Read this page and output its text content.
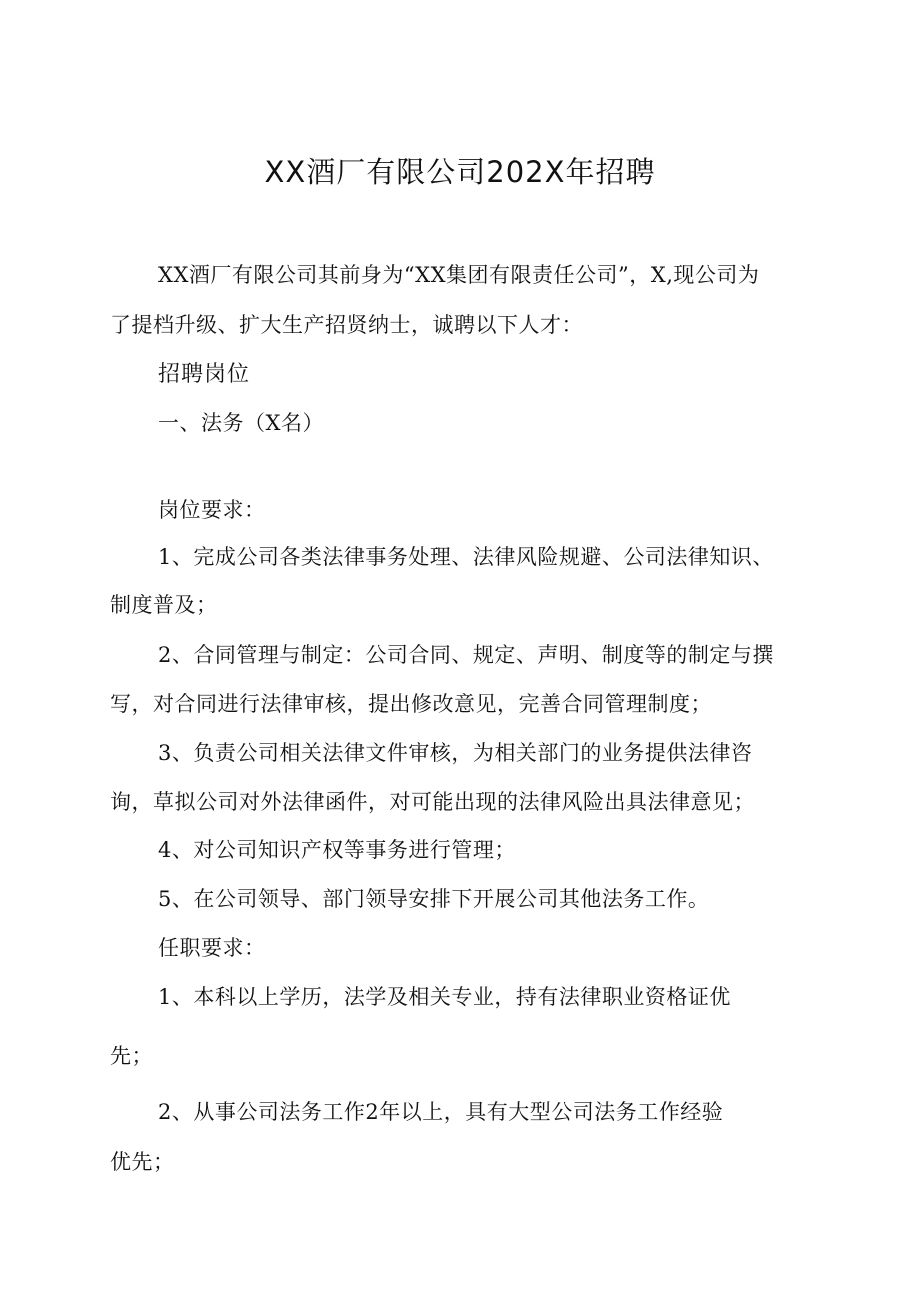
XX酒厂有限公司202X年招聘
XX酒厂有限公司其前身为“XX集团有限责任公司”，X,现公司为
了提档升级、扩大生产招贤纳士，诚聘以下人才：
招聘岗位
一、法务（X名）
岗位要求：
1、完成公司各类法律事务处理、法律风险规避、公司法律知识、
制度普及；
2、合同管理与制定：公司合同、规定、声明、制度等的制定与撰
写，对合同进行法律审核，提出修改意见，完善合同管理制度；
3、负责公司相关法律文件审核，为相关部门的业务提供法律咨
询，草拟公司对外法律函件，对可能出现的法律风险出具法律意见；
4、对公司知识产权等事务进行管理；
5、在公司领导、部门领导安排下开展公司其他法务工作。
任职要求：
1、本科以上学历，法学及相关专业，持有法律职业资格证优
先；
2、从事公司法务工作2年以上，具有大型公司法务工作经验
优先；
